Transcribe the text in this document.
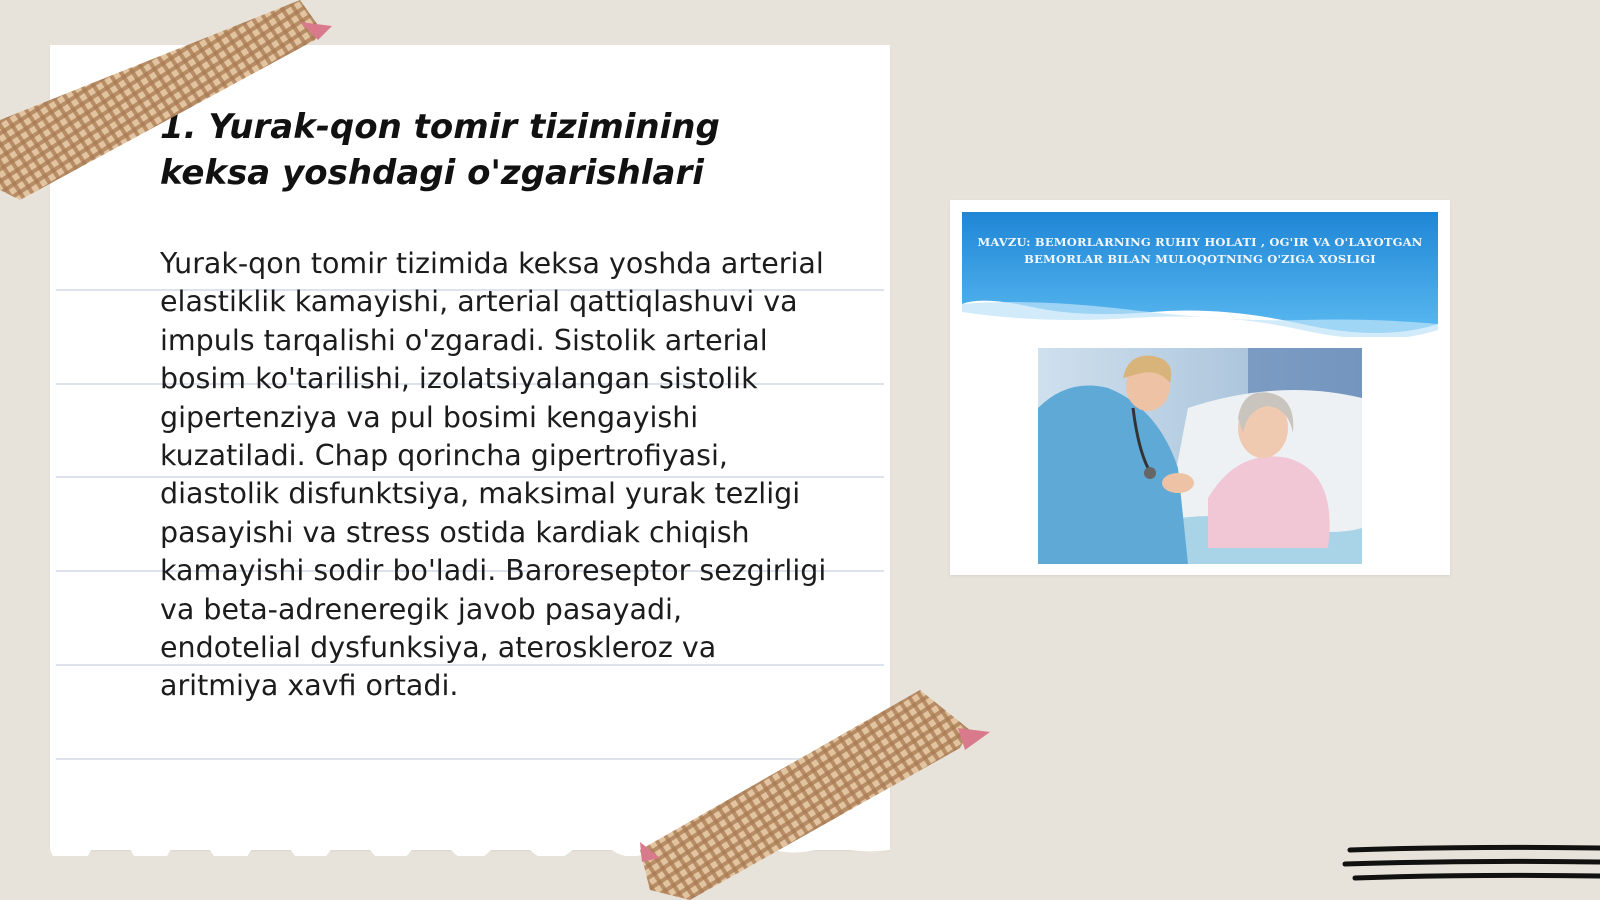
1. Yurak-qon tomir tizimining keksa yoshdagi o'zgarishlari

Yurak-qon tomir tizimida keksa yoshda arterial elastiklik kamayishi, arterial qattiqlashuvi va impuls tarqalishi o'zgaradi. Sistolik arterial bosim ko'tarilishi, izolatsiyalangan sistolik gipertenziya va pul bosimi kengayishi kuzatiladi. Chap qorincha gipertrofiyasi, diastolik disfunktsiya, maksimal yurak tezligi pasayishi va stress ostida kardiak chiqish kamayishi sodir bo'ladi. Baroreseptor sezgirligi va beta-adreneregik javob pasayadi, endotelial dysfunksiya, ateroskleroz va aritmiya xavfi ortadi.

MAVZU: BEMORLARNING RUHIY HOLATI , OG'IR VA O'LAYOTGAN BEMORLAR BILAN MULOQOTNING O'ZIGA XOSLIGI
